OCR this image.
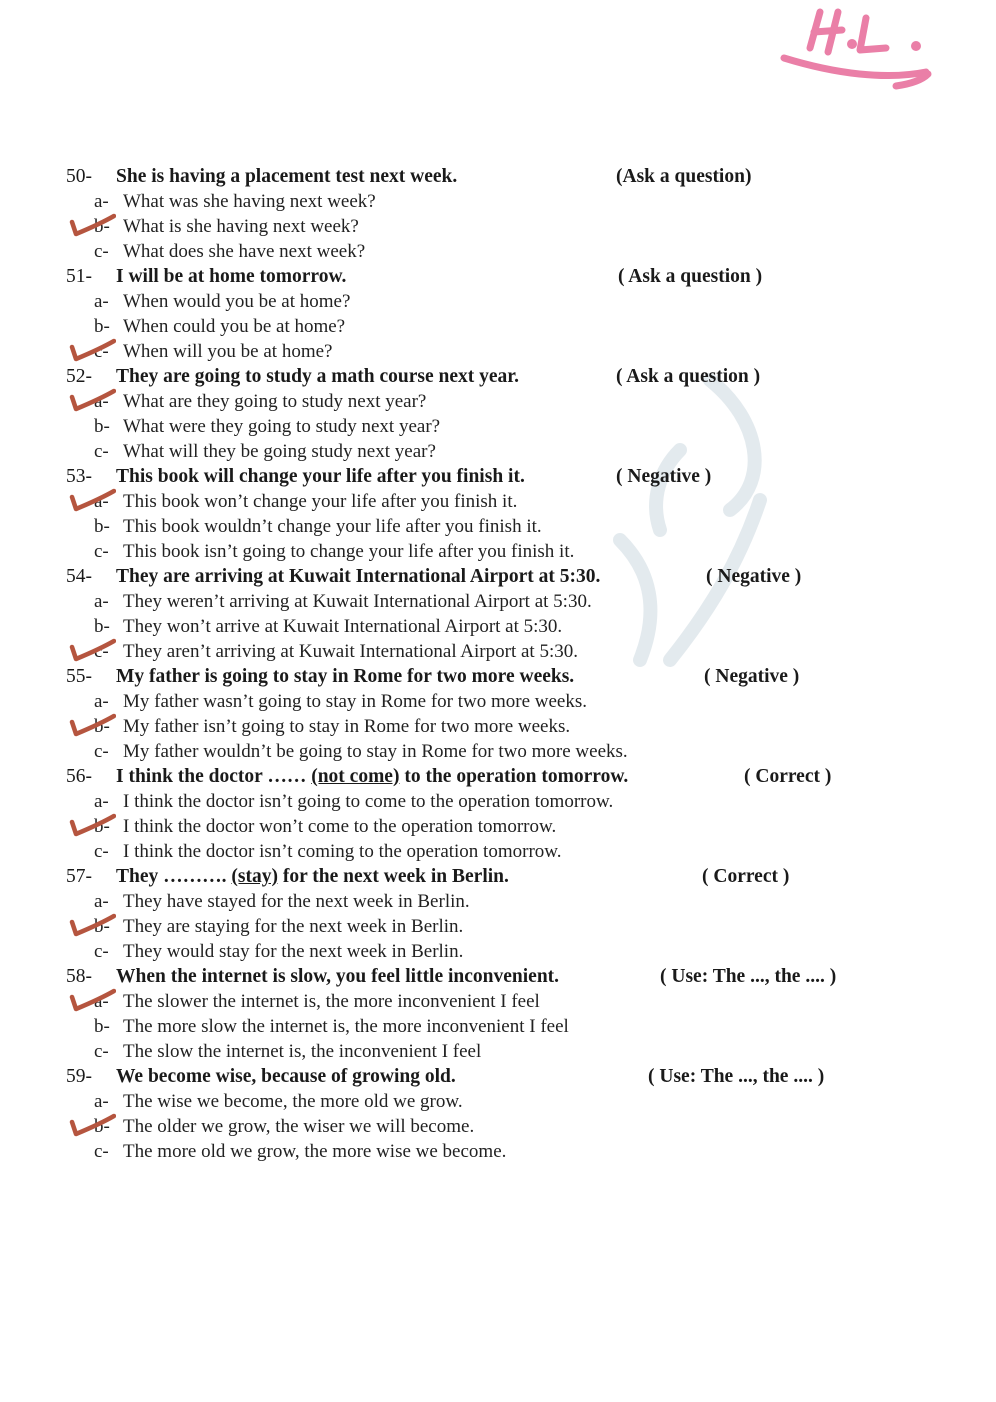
50- She is having a placement test next week.	(Ask a question)
a- What was she having next week?
b- What is she having next week?
c- What does she have next week?
51- I will be at home tomorrow.	( Ask a question )
a- When would you be at home?
b- When could you be at home?
c- When will you be at home?
52- They are going to study a math course next year.	( Ask a question )
a- What are they going to study next year?
b- What were they going to study next year?
c- What will they be going study next year?
53- This book will change your life after you finish it.	( Negative )
a- This book won’t change your life after you finish it.
b- This book wouldn’t change your life after you finish it.
c- This book isn’t going to change your life after you finish it.
54- They are arriving at Kuwait International Airport at 5:30.	( Negative )
a- They weren’t arriving at Kuwait International Airport at 5:30.
b- They won’t arrive at Kuwait International Airport at 5:30.
c- They aren’t arriving at Kuwait International Airport at 5:30.
55- My father is going to stay in Rome for two more weeks.	( Negative )
a- My father wasn’t going to stay in Rome for two more weeks.
b- My father isn’t going to stay in Rome for two more weeks.
c- My father wouldn’t be going to stay in Rome for two more weeks.
56- I think the doctor …… (not come) to the operation tomorrow.	( Correct )
a- I think the doctor isn’t going to come to the operation tomorrow.
b- I think the doctor won’t come to the operation tomorrow.
c- I think the doctor isn’t coming to the operation tomorrow.
57- They ………. (stay) for the next week in Berlin.	( Correct )
a- They have stayed for the next week in Berlin.
b- They are staying for the next week in Berlin.
c- They would stay for the next week in Berlin.
58- When the internet is slow, you feel little inconvenient.	( Use: The ..., the .... )
a- The slower the internet is, the more inconvenient I feel
b- The more slow the internet is, the more inconvenient I feel
c- The slow the internet is, the inconvenient I feel
59- We become wise, because of growing old.	( Use: The ..., the .... )
a- The wise we become, the more old we grow.
b- The older we grow, the wiser we will become.
c- The more old we grow, the more wise we become.
